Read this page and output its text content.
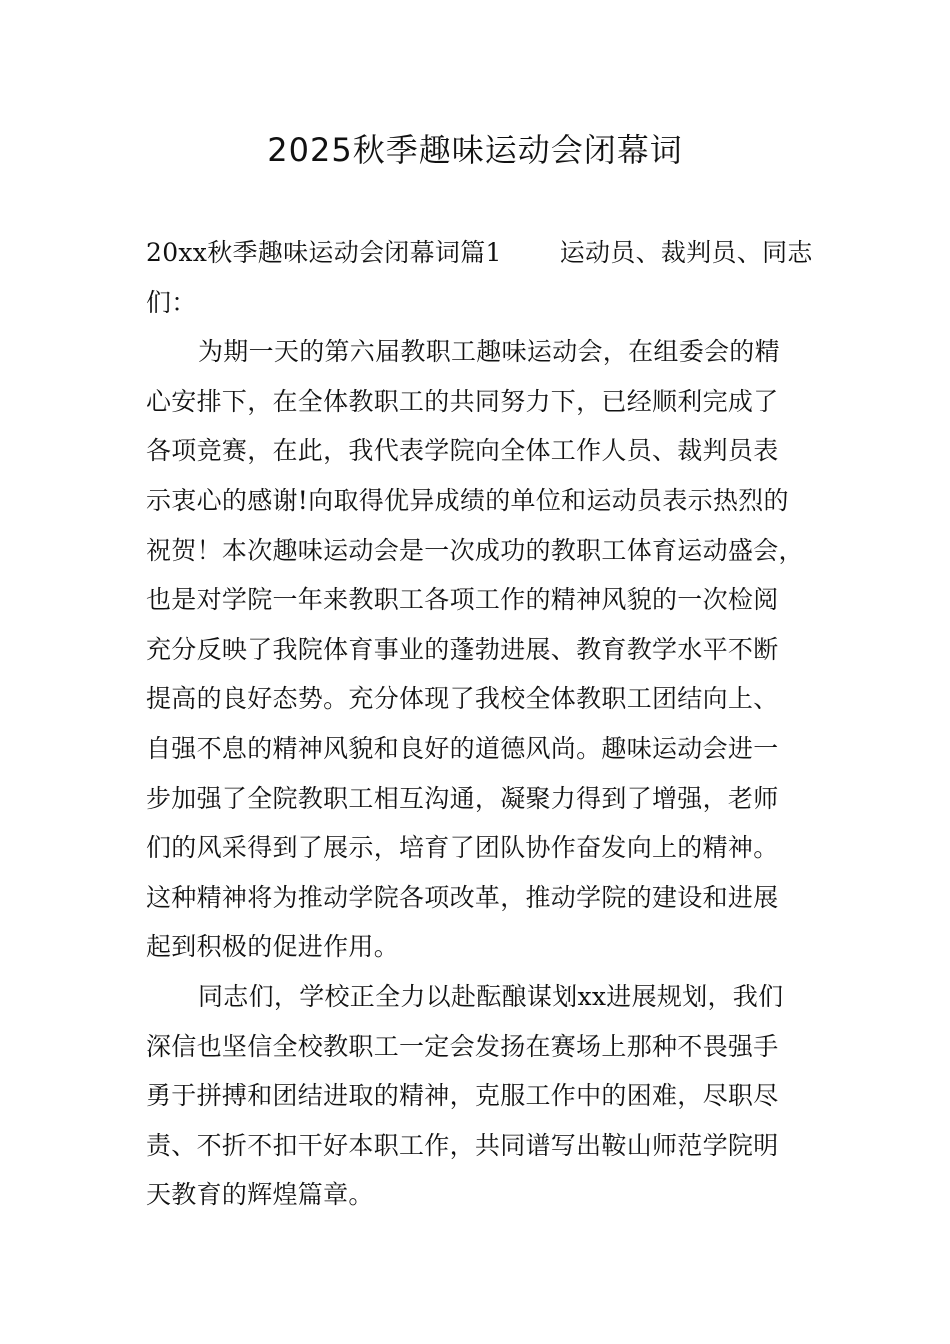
2025秋季趣味运动会闭幕词
20xx秋季趣味运动会闭幕词篇1 运动员、裁判员、同志
们：
为期一天的第六届教职工趣味运动会，在组委会的精
心安排下，在全体教职工的共同努力下，已经顺利完成了
各项竞赛，在此，我代表学院向全体工作人员、裁判员表
示衷心的感谢!向取得优异成绩的单位和运动员表示热烈的
祝贺！本次趣味运动会是一次成功的教职工体育运动盛会，
也是对学院一年来教职工各项工作的精神风貌的一次检阅
充分反映了我院体育事业的蓬勃进展、教育教学水平不断
提高的良好态势。充分体现了我校全体教职工团结向上、
自强不息的精神风貌和良好的道德风尚。趣味运动会进一
步加强了全院教职工相互沟通，凝聚力得到了增强，老师
们的风采得到了展示，培育了团队协作奋发向上的精神。
这种精神将为推动学院各项改革，推动学院的建设和进展
起到积极的促进作用。
同志们，学校正全力以赴酝酿谋划xx进展规划，我们
深信也坚信全校教职工一定会发扬在赛场上那种不畏强手
勇于拼搏和团结进取的精神，克服工作中的困难，尽职尽
责、不折不扣干好本职工作，共同谱写出鞍山师范学院明
天教育的辉煌篇章。
